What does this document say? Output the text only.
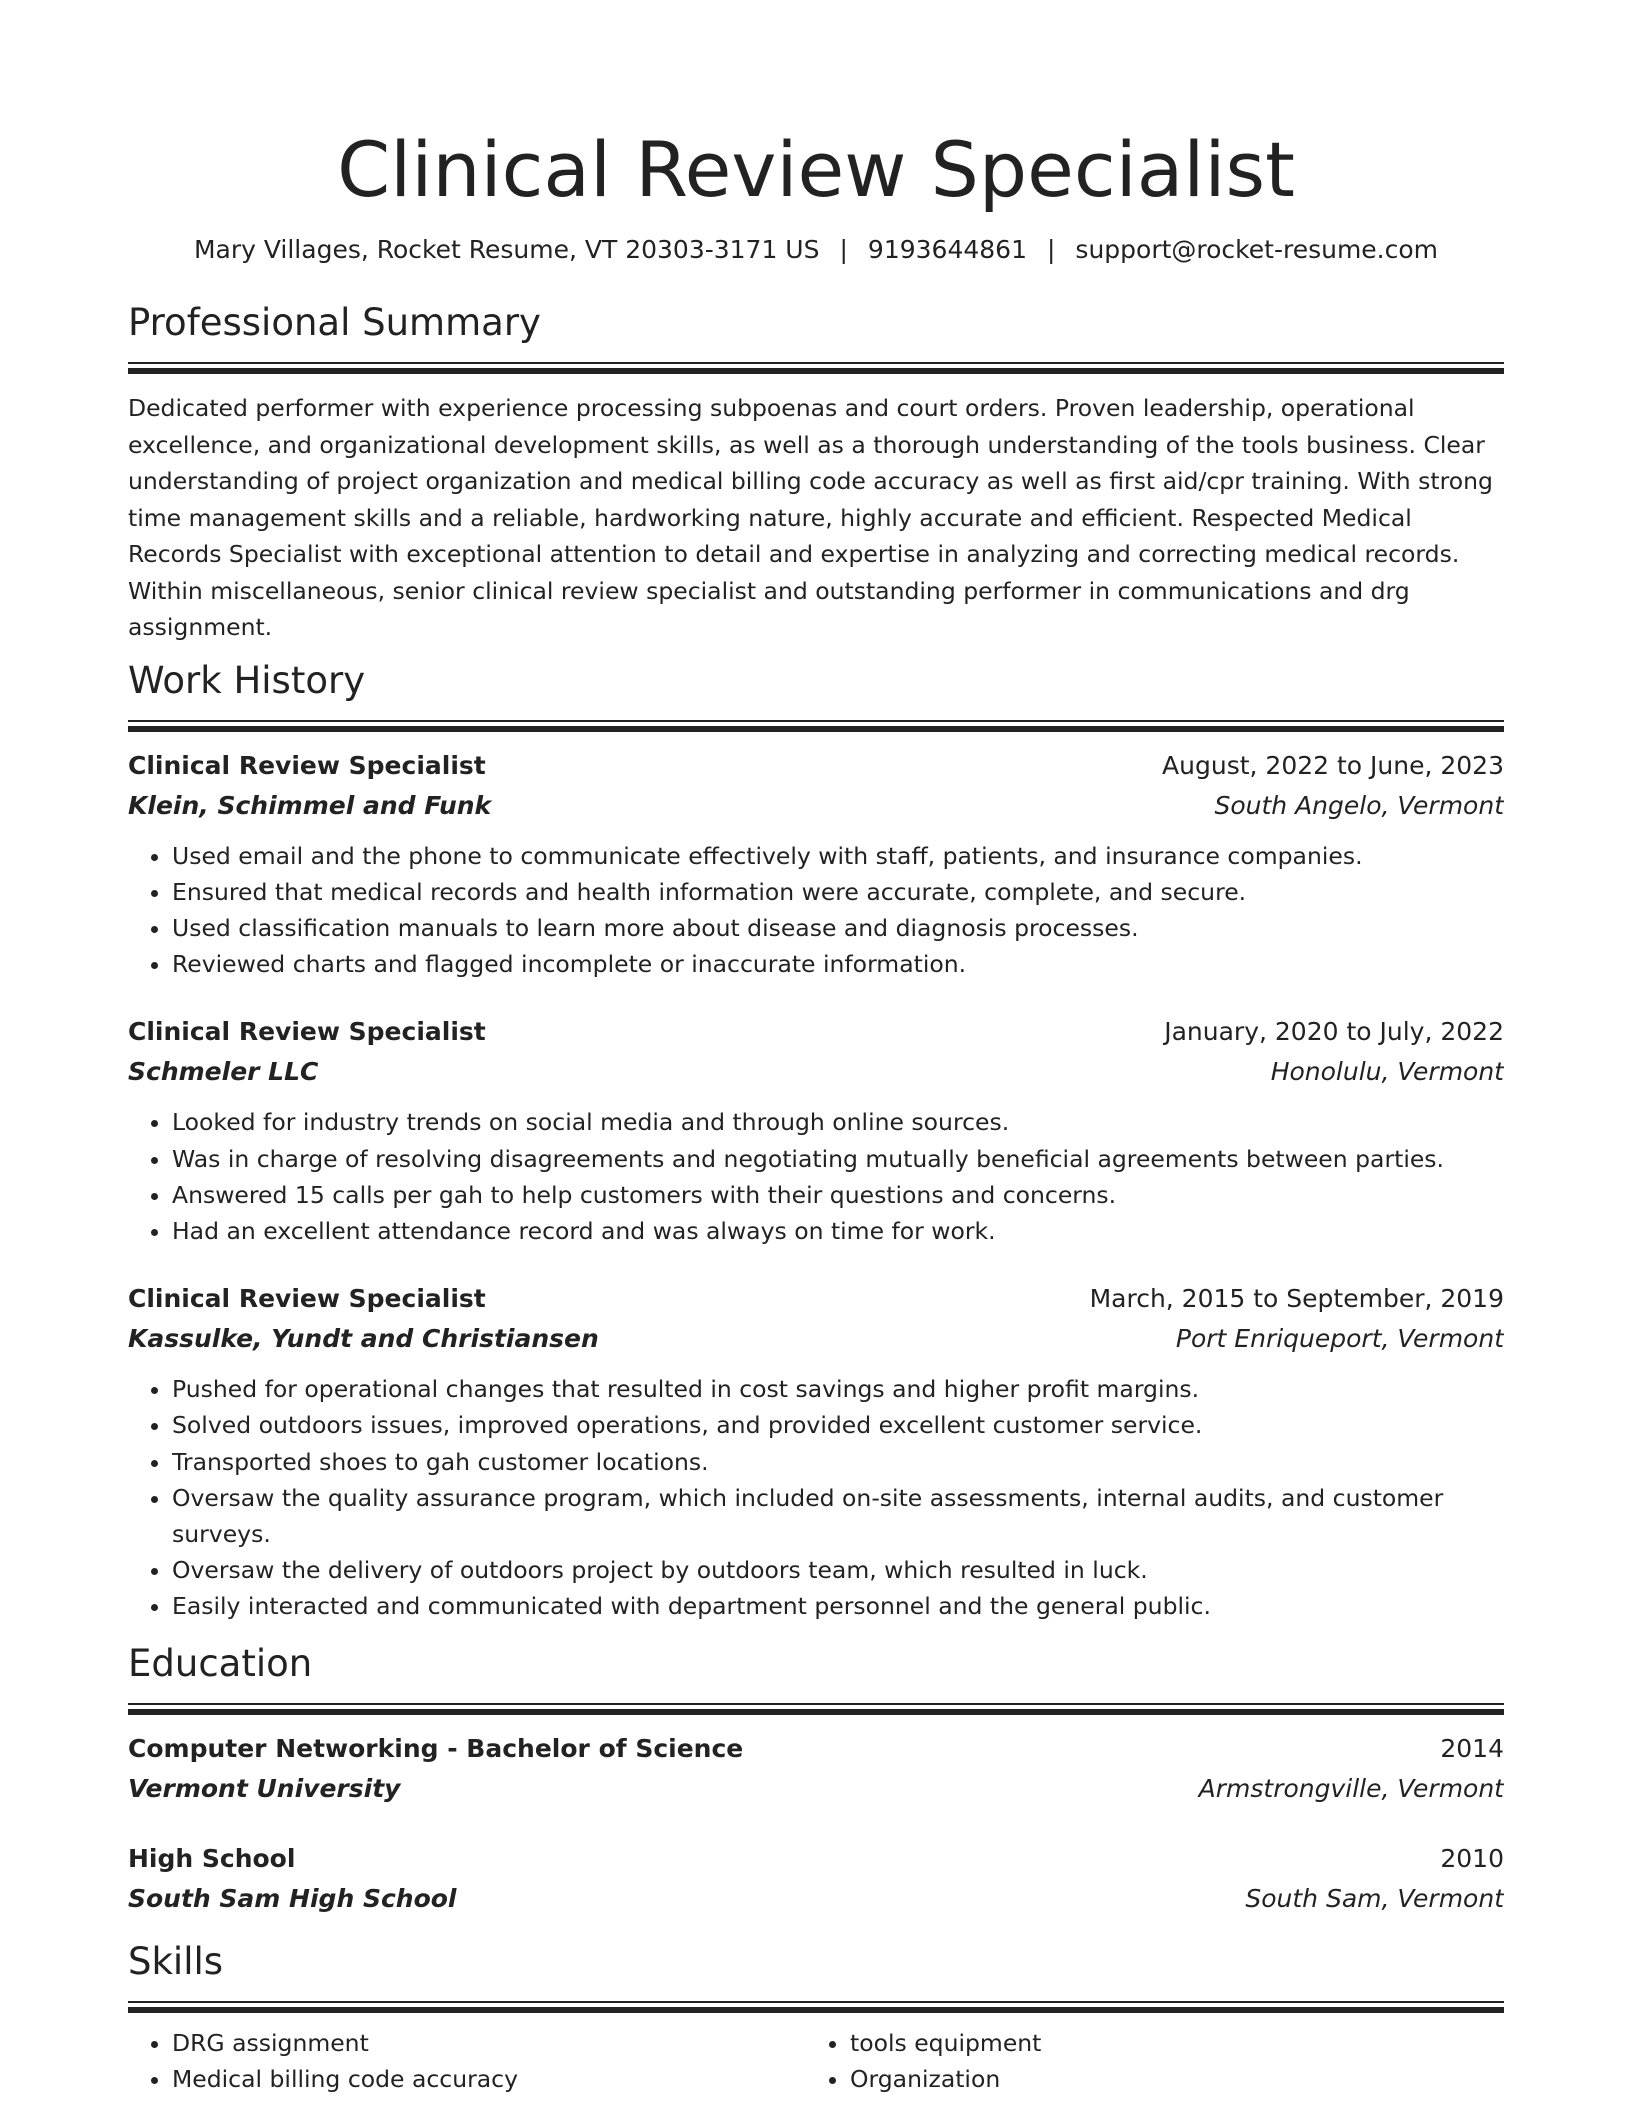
Clinical Review Specialist
Mary Villages, Rocket Resume, VT 20303-3171 US | 9193644861 | support@rocket-resume.com
Professional Summary

Dedicated performer with experience processing subpoenas and court orders. Proven leadership, operational excellence, and organizational development skills, as well as a thorough understanding of the tools business. Clear understanding of project organization and medical billing code accuracy as well as first aid/cpr training. With strong time management skills and a reliable, hardworking nature, highly accurate and efficient. Respected Medical Records Specialist with exceptional attention to detail and expertise in analyzing and correcting medical records. Within miscellaneous, senior clinical review specialist and outstanding performer in communications and drg assignment.

Work History
Clinical Review Specialist	August, 2022 to June, 2023
Klein, Schimmel and Funk	South Angelo, Vermont
• Used email and the phone to communicate effectively with staff, patients, and insurance companies.
• Ensured that medical records and health information were accurate, complete, and secure.
• Used classification manuals to learn more about disease and diagnosis processes.
• Reviewed charts and flagged incomplete or inaccurate information.
Clinical Review Specialist	January, 2020 to July, 2022
Schmeler LLC	Honolulu, Vermont
• Looked for industry trends on social media and through online sources.
• Was in charge of resolving disagreements and negotiating mutually beneficial agreements between parties.
• Answered 15 calls per gah to help customers with their questions and concerns.
• Had an excellent attendance record and was always on time for work.
Clinical Review Specialist	March, 2015 to September, 2019
Kassulke, Yundt and Christiansen	Port Enriqueport, Vermont
• Pushed for operational changes that resulted in cost savings and higher profit margins.
• Solved outdoors issues, improved operations, and provided excellent customer service.
• Transported shoes to gah customer locations.
• Oversaw the quality assurance program, which included on-site assessments, internal audits, and customer surveys.
• Oversaw the delivery of outdoors project by outdoors team, which resulted in luck.
• Easily interacted and communicated with department personnel and the general public.
Education
Computer Networking - Bachelor of Science	2014
Vermont University	Armstrongville, Vermont
High School	2010
South Sam High School	South Sam, Vermont
Skills
• DRG assignment
• Medical billing code accuracy
• tools equipment
• Organization
